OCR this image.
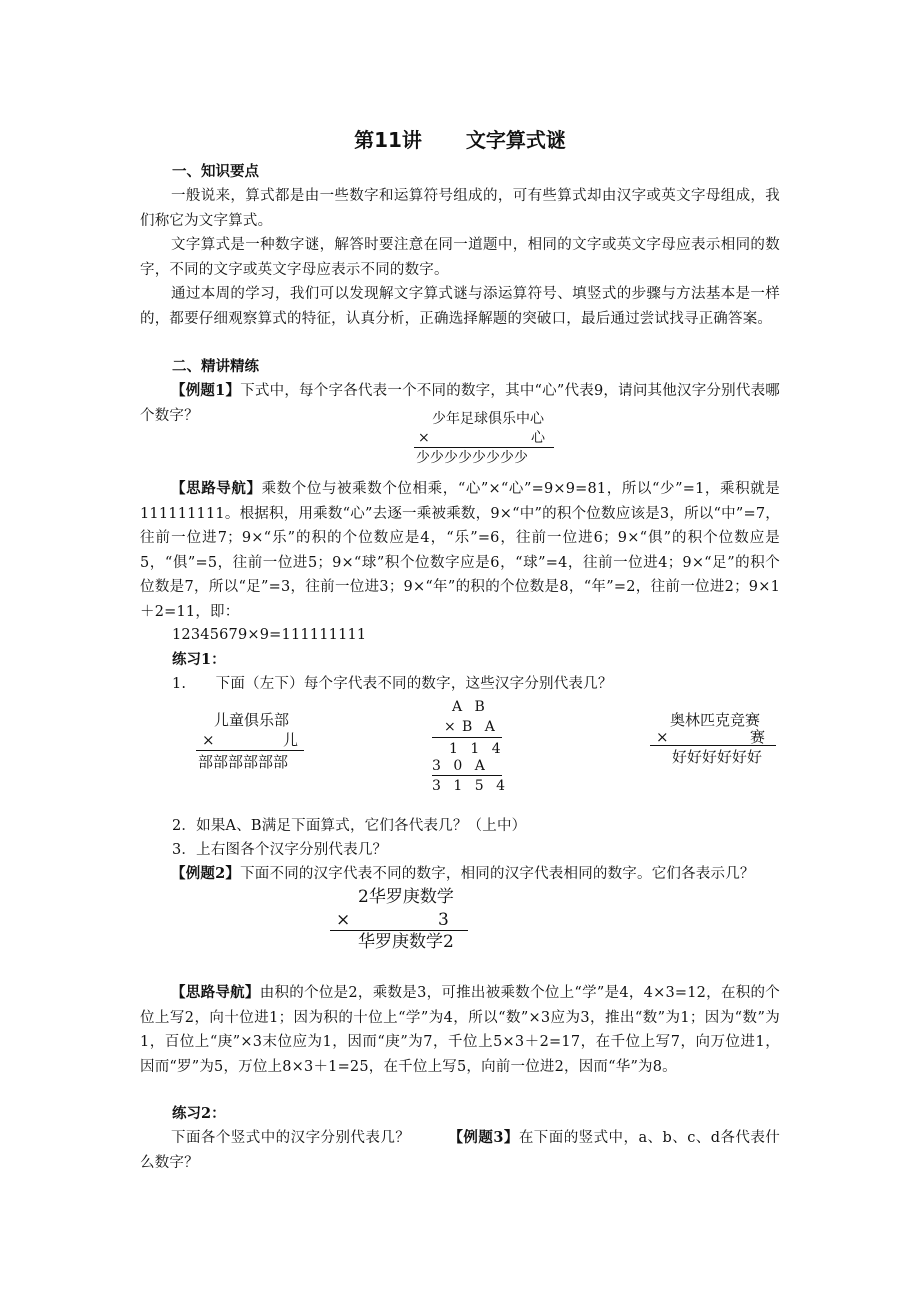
第11讲 文字算式谜
一、知识要点
一般说来，算式都是由一些数字和运算符号组成的，可有些算式却由汉字或英文字母组成，我们称它为文字算式。
文字算式是一种数字谜，解答时要注意在同一道题中，相同的文字或英文字母应表示相同的数字，不同的文字或英文字母应表示不同的数字。
通过本周的学习，我们可以发现解文字算式谜与添运算符号、填竖式的步骤与方法基本是一样的，都要仔细观察算式的特征，认真分析，正确选择解题的突破口，最后通过尝试找寻正确答案。
二、精讲精练
【例题1】下式中，每个字各代表一个不同的数字，其中“心”代表9，请问其他汉字分别代表哪个数字？	少年足球俱乐中心
×	心
少少少少少少少少
【思路导航】乘数个位与被乘数个位相乘，“心”×“心”=9×9=81，所以“少”=1，乘积就是111111111。根据积，用乘数“心”去逐一乘被乘数，9×“中”的积个位数应该是3，所以“中”=7，往前一位进7；9×“乐”的积的个位数应是4，“乐”=6，往前一位进6；9×“俱”的积个位数应是5，“俱”=5，往前一位进5；9×“球”积个位数字应是6，“球”=4，往前一位进4；9×“足”的积个位数是7，所以“足”=3，往前一位进3；9×“年”的积的个位数是8，“年”=2，往前一位进2；9×1＋2=11，即：
12345679×9=111111111
练习1：
1.　　下面（左下）每个字代表不同的数字，这些汉字分别代表几？
儿童俱乐部
×	儿
部部部部部部
A B
× B A
1 1 4
3 0 A
3 1 5 4
奥林匹克竞赛
×	赛
好好好好好好
2．如果A、B满足下面算式，它们各代表几？（上中）
3．上右图各个汉字分别代表几？
【例题2】下面不同的汉字代表不同的数字，相同的汉字代表相同的数字。它们各表示几？
2华罗庚数学
×	3
华罗庚数学2
【思路导航】由积的个位是2，乘数是3，可推出被乘数个位上“学”是4，4×3=12，在积的个位上写2，向十位进1；因为积的十位上“学”为4，所以“数”×3应为3，推出“数”为1；因为“数”为1，百位上“庚”×3末位应为1，因而“庚”为7，千位上5×3＋2=17，在千位上写7，向万位进1，因而“罗”为5，万位上8×3＋1=25，在千位上写5，向前一位进2，因而“华”为8。
练习2：
下面各个竖式中的汉字分别代表几？	【例题3】在下面的竖式中，a、b、c、d各代表什么数字？
